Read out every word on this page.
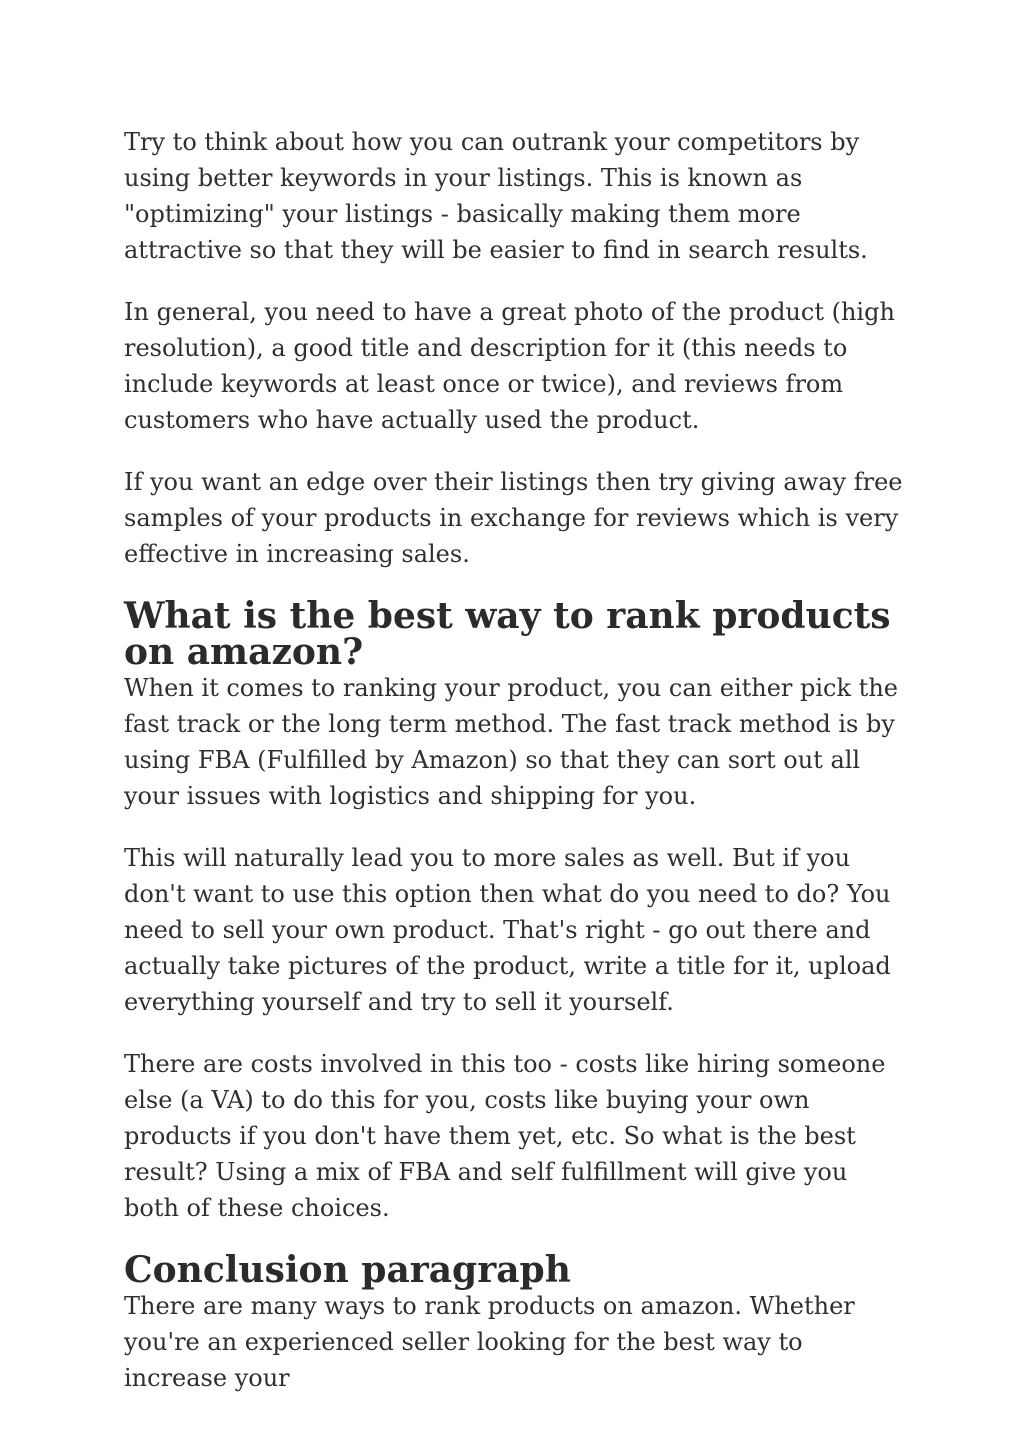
Try to think about how you can outrank your competitors by using better keywords in your listings. This is known as "optimizing" your listings - basically making them more attractive so that they will be easier to find in search results.

In general, you need to have a great photo of the product (high resolution), a good title and description for it (this needs to include keywords at least once or twice), and reviews from customers who have actually used the product.

If you want an edge over their listings then try giving away free samples of your products in exchange for reviews which is very effective in increasing sales.

What is the best way to rank products on amazon?

When it comes to ranking your product, you can either pick the fast track or the long term method. The fast track method is by using FBA (Fulfilled by Amazon) so that they can sort out all your issues with logistics and shipping for you.

This will naturally lead you to more sales as well. But if you don't want to use this option then what do you need to do? You need to sell your own product. That's right - go out there and actually take pictures of the product, write a title for it, upload everything yourself and try to sell it yourself.

There are costs involved in this too - costs like hiring someone else (a VA) to do this for you, costs like buying your own products if you don't have them yet, etc. So what is the best result? Using a mix of FBA and self fulfillment will give you both of these choices.

Conclusion paragraph

There are many ways to rank products on amazon. Whether you're an experienced seller looking for the best way to increase your
